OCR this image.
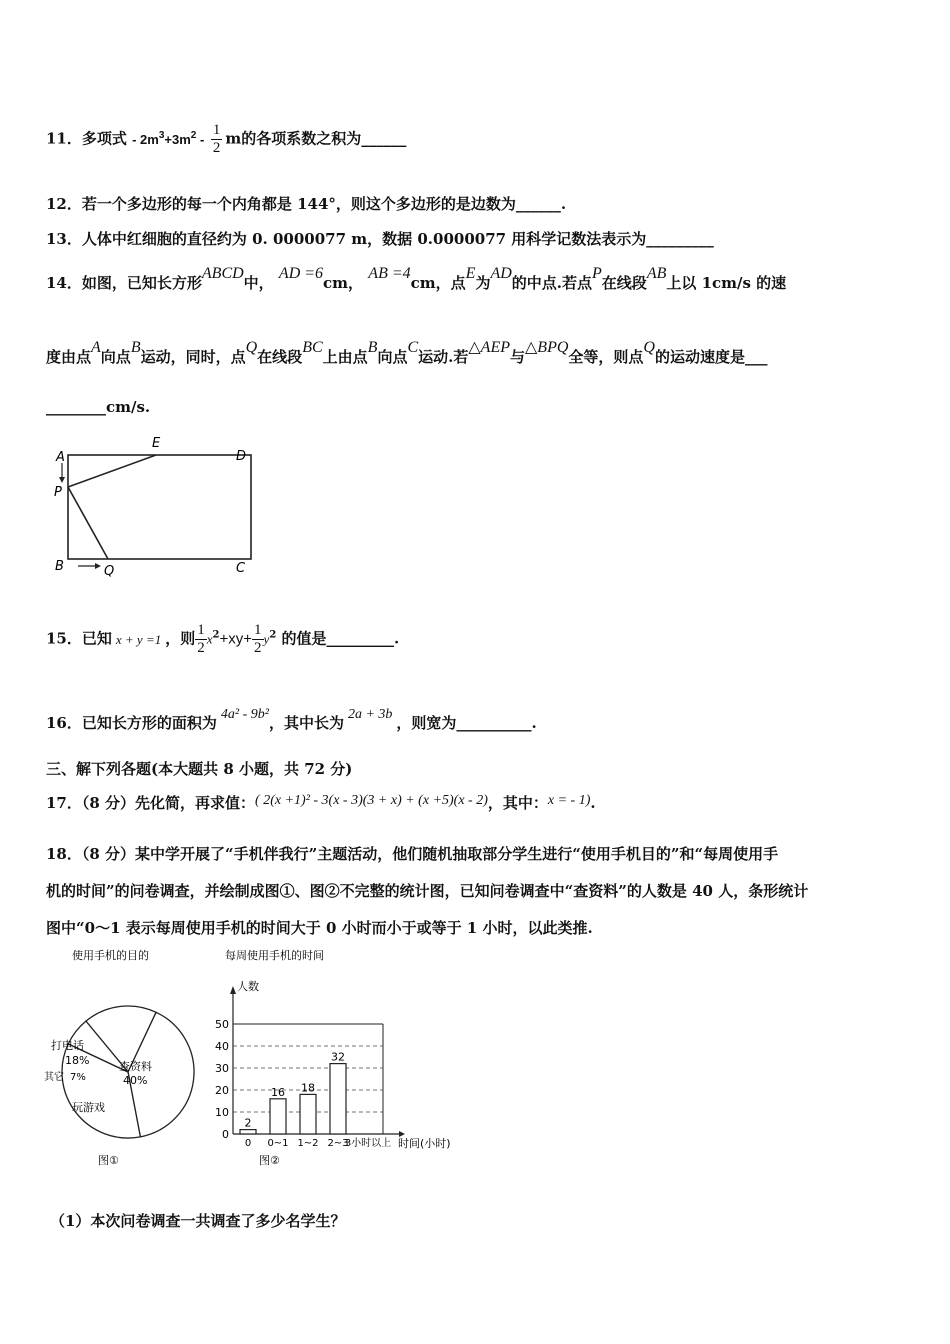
11．多项式 - $2m^3+3m^2 - \frac{1}{2}$ m的各项系数之积为______
12．若一个多边形的每一个内角都是 144°，则这个多边形的是边数为______.
13．人体中红细胞的直径约为 0. 0000077 m，数据 0.0000077 用科学记数法表示为_________
14．如图，已知长方形ABCD中， AD =6cm， AB =4cm，点E为AD的中点.若点P在线段AB上以 1cm/s 的速
度由点A向点B运动，同时，点Q在线段BC上由点B向点C运动.若△AEP与△BPQ全等，则点Q的运动速度是___
________cm/s.
A
E
D
P
B	Q	C
15．已知 x + y =1 ，则 $\frac{1}{2} x^2+xy+ \frac{1}{2} y^2$ 的值是_________.
16．已知长方形的面积为 4a² - 9b²，其中长为 2a + 3b ，则宽为__________.
三、解下列各题(本大题共 8 小题，共 72 分)
17．（8 分）先化简，再求值：( 2(x +1)² - 3(x - 3)(3 + x) + (x +5)(x - 2)，其中：x = - 1).
18．（8 分）某中学开展了“手机伴我行”主题活动，他们随机抽取部分学生进行“使用手机目的”和“每周使用手
机的时间”的问卷调查，并绘制成图①、图②不完整的统计图，已知问卷调查中“查资料”的人数是 40 人，条形统计
图中“0～1 表示每周使用手机的时间大于 0 小时而小于或等于 1 小时，以此类推.
使用手机的目的
打电话
18%	查资料
40%
玩游戏
其它 7%
图①
每周使用手机的时间
人数
时间(小时)
图②
0
10
20
30
40
50
0
2
0~1
16
1~2
18
2~3
32
3小时以上
（1）本次问卷调查一共调查了多少名学生？
